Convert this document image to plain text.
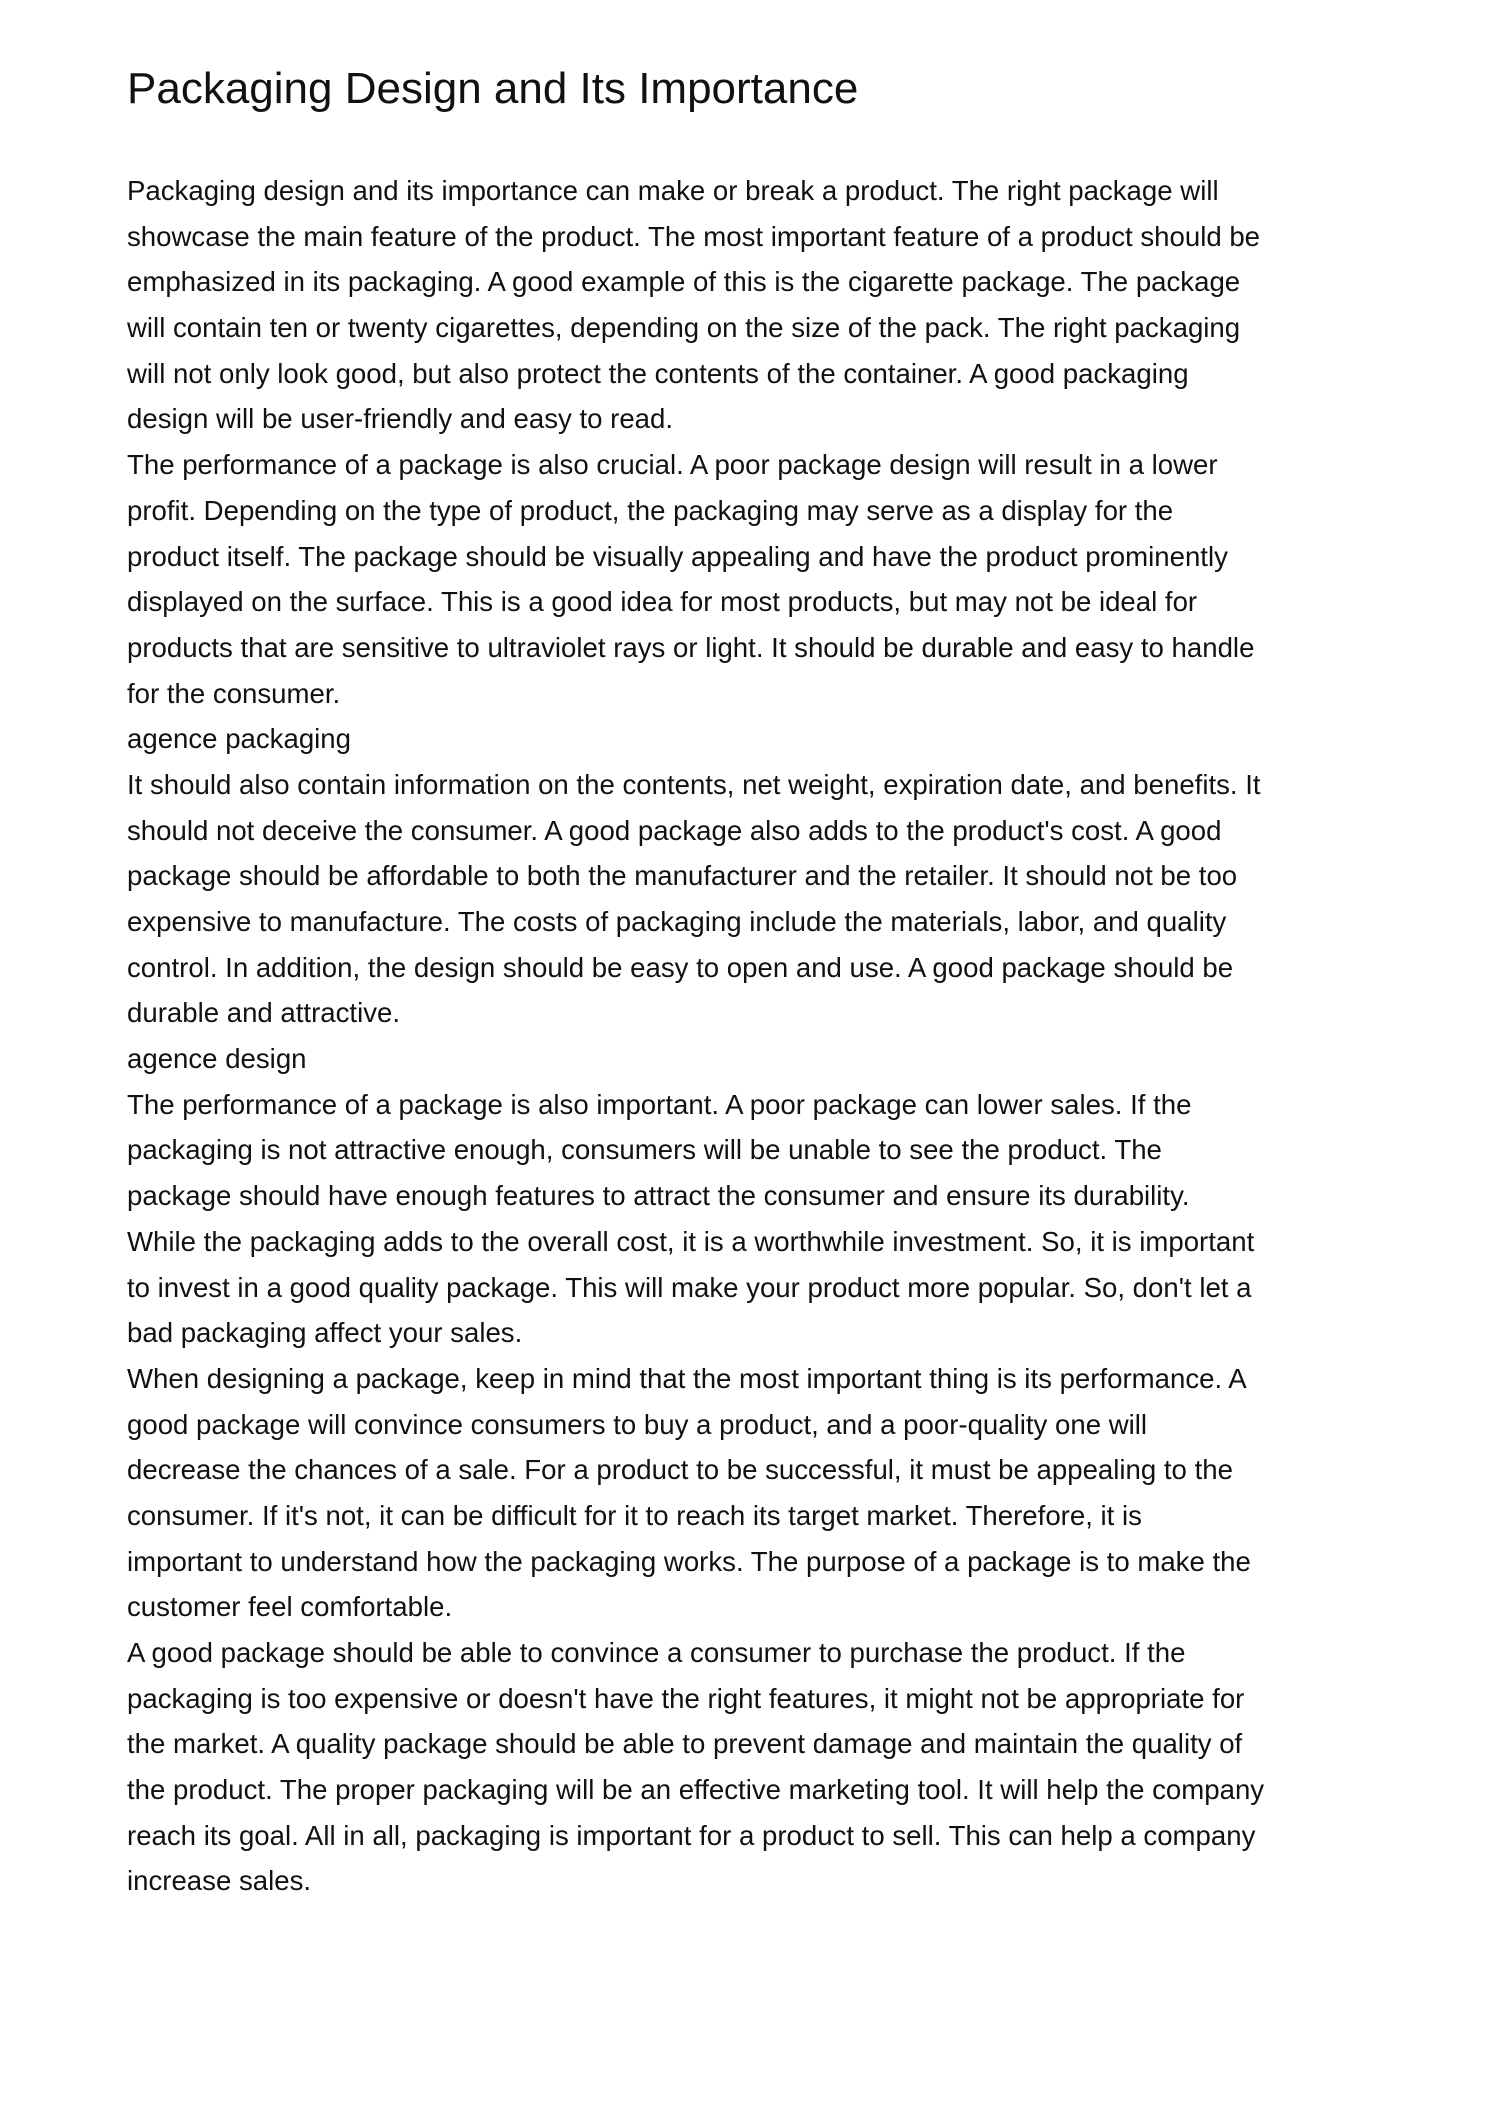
Packaging Design and Its Importance
Packaging design and its importance can make or break a product. The right package will
showcase the main feature of the product. The most important feature of a product should be
emphasized in its packaging. A good example of this is the cigarette package. The package
will contain ten or twenty cigarettes, depending on the size of the pack. The right packaging
will not only look good, but also protect the contents of the container. A good packaging
design will be user-friendly and easy to read.
The performance of a package is also crucial. A poor package design will result in a lower
profit. Depending on the type of product, the packaging may serve as a display for the
product itself. The package should be visually appealing and have the product prominently
displayed on the surface. This is a good idea for most products, but may not be ideal for
products that are sensitive to ultraviolet rays or light. It should be durable and easy to handle
for the consumer.
agence packaging
It should also contain information on the contents, net weight, expiration date, and benefits. It
should not deceive the consumer. A good package also adds to the product's cost. A good
package should be affordable to both the manufacturer and the retailer. It should not be too
expensive to manufacture. The costs of packaging include the materials, labor, and quality
control. In addition, the design should be easy to open and use. A good package should be
durable and attractive.
agence design
The performance of a package is also important. A poor package can lower sales. If the
packaging is not attractive enough, consumers will be unable to see the product. The
package should have enough features to attract the consumer and ensure its durability.
While the packaging adds to the overall cost, it is a worthwhile investment. So, it is important
to invest in a good quality package. This will make your product more popular. So, don't let a
bad packaging affect your sales.
When designing a package, keep in mind that the most important thing is its performance. A
good package will convince consumers to buy a product, and a poor-quality one will
decrease the chances of a sale. For a product to be successful, it must be appealing to the
consumer. If it's not, it can be difficult for it to reach its target market. Therefore, it is
important to understand how the packaging works. The purpose of a package is to make the
customer feel comfortable.
A good package should be able to convince a consumer to purchase the product. If the
packaging is too expensive or doesn't have the right features, it might not be appropriate for
the market. A quality package should be able to prevent damage and maintain the quality of
the product. The proper packaging will be an effective marketing tool. It will help the company
reach its goal. All in all, packaging is important for a product to sell. This can help a company
increase sales.
